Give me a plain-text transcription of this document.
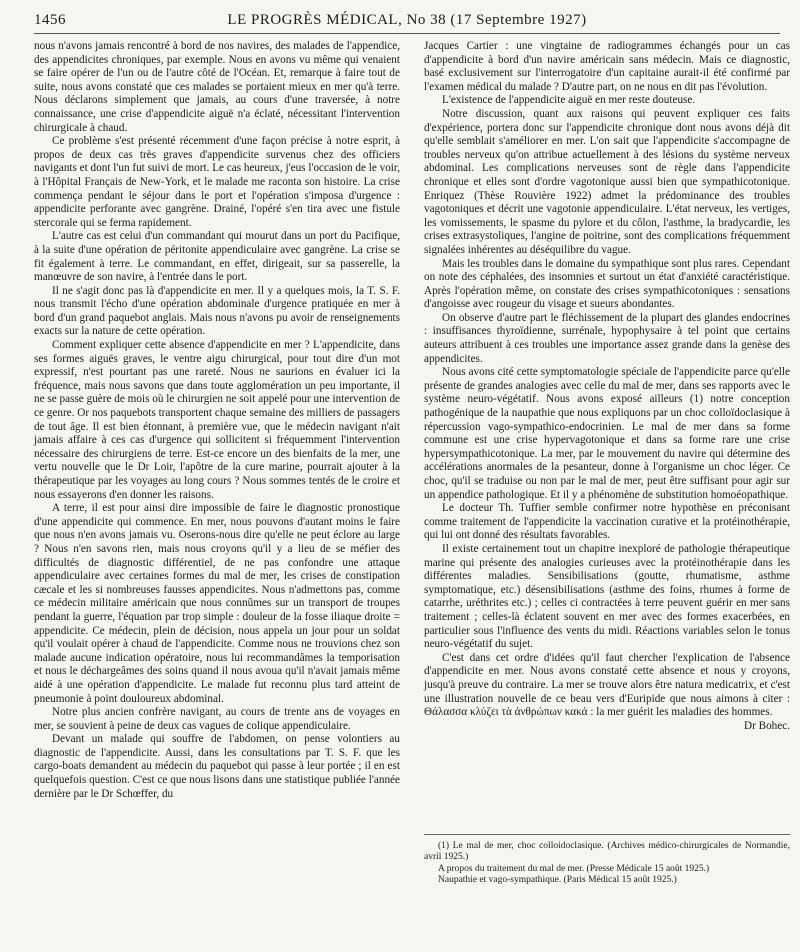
1456	LE PROGRÈS MÉDICAL, No 38 (17 Septembre 1927)

nous n'avons jamais rencontré à bord de nos navires, des malades de l'appendice, des appendicites chroniques, par exemple. Nous en avons vu même qui venaient se faire opérer de l'un ou de l'autre côté de l'Océan. Et, remarque à faire tout de suite, nous avons constaté que ces malades se portaient mieux en mer qu'à terre. Nous déclarons simplement que jamais, au cours d'une traversée, à notre connaissance, une crise d'appendicite aiguë n'a éclaté, nécessitant l'intervention chirurgicale à chaud.

Ce problème s'est présenté récemment d'une façon précise à notre esprit, à propos de deux cas très graves d'appendicite survenus chez des officiers navigants et dont l'un fut suivi de mort. Le cas heureux, j'eus l'occasion de le voir, à l'Hôpital Français de New-York, et le malade me raconta son histoire. La crise commença pendant le séjour dans le port et l'opération s'imposa d'urgence : appendicite perforante avec gangrène. Drainé, l'opéré s'en tira avec une fistule stercorale qui se ferma rapidement.

L'autre cas est celui d'un commandant qui mourut dans un port du Pacifique, à la suite d'une opération de péritonite appendiculaire avec gangrène. La crise se fit également à terre. Le commandant, en effet, dirigeait, sur sa passerelle, la manœuvre de son navire, à l'entrée dans le port.

Il ne s'agit donc pas là d'appendicite en mer. Il y a quelques mois, la T. S. F. nous transmit l'écho d'une opération abdominale d'urgence pratiquée en mer à bord d'un grand paquebot anglais. Mais nous n'avons pu avoir de renseignements exacts sur la nature de cette opération.

Comment expliquer cette absence d'appendicite en mer ? L'appendicite, dans ses formes aiguës graves, le ventre aigu chirurgical, pour tout dire d'un mot expressif, n'est pourtant pas une rareté. Nous ne saurions en évaluer ici la fréquence, mais nous savons que dans toute agglomération un peu importante, il ne se passe guère de mois où le chirurgien ne soit appelé pour une intervention de ce genre. Or nos paquebots transportent chaque semaine des milliers de passagers de tout âge. Il est bien étonnant, à première vue, que le médecin navigant n'ait jamais affaire à ces cas d'urgence qui sollicitent si fréquemment l'intervention nécessaire des chirurgiens de terre. Est-ce encore un des bienfaits de la mer, une vertu nouvelle que le Dr Loir, l'apôtre de la cure marine, pourrait ajouter à la thérapeutique par les voyages au long cours ? Nous sommes tentés de le croire et nous essayerons d'en donner les raisons.

A terre, il est pour ainsi dire impossible de faire le diagnostic pronostique d'une appendicite qui commence. En mer, nous pouvons d'autant moins le faire que nous n'en avons jamais vu. Oserons-nous dire qu'elle ne peut éclore au large ? Nous n'en savons rien, mais nous croyons qu'il y a lieu de se méfier des difficultés de diagnostic différentiel, de ne pas confondre une attaque appendiculaire avec certaines formes du mal de mer, les crises de constipation cæcale et les si nombreuses fausses appendicites. Nous n'admettons pas, comme ce médecin militaire américain que nous connûmes sur un transport de troupes pendant la guerre, l'équation par trop simple : douleur de la fosse iliaque droite = appendicite. Ce médecin, plein de décision, nous appela un jour pour un soldat qu'il voulait opérer à chaud de l'appendicite. Comme nous ne trouvions chez son malade aucune indication opératoire, nous lui recommandâmes la temporisation et nous le déchargeâmes des soins quand il nous avoua qu'il n'avait jamais même aidé à une opération d'appendicite. Le malade fut reconnu plus tard atteint de pneumonie à point douloureux abdominal.

Notre plus ancien confrère navigant, au cours de trente ans de voyages en mer, se souvient à peine de deux cas vagues de colique appendiculaire.

Devant un malade qui souffre de l'abdomen, on pense volontiers au diagnostic de l'appendicite. Aussi, dans les consultations par T. S. F. que les cargo-boats demandent au médecin du paquebot qui passe à leur portée ; il en est quelquefois question. C'est ce que nous lisons dans une statistique publiée l'année dernière par le Dr Schœffer, du

Jacques Cartier : une vingtaine de radiogrammes échangés pour un cas d'appendicite à bord d'un navire américain sans médecin. Mais ce diagnostic, basé exclusivement sur l'interrogatoire d'un capitaine aurait-il été confirmé par l'examen médical du malade ? D'autre part, on ne nous en dit pas l'évolution.

L'existence de l'appendicite aiguë en mer reste douteuse.

Notre discussion, quant aux raisons qui peuvent expliquer ces faits d'expérience, portera donc sur l'appendicite chronique dont nous avons déjà dit qu'elle semblait s'améliorer en mer. L'on sait que l'appendicite s'accompagne de troubles nerveux qu'on attribue actuellement à des lésions du système nerveux abdominal. Les complications nerveuses sont de règle dans l'appendicite chronique et elles sont d'ordre vagotonique aussi bien que sympathicotonique. Enriquez (Thèse Rouvière 1922) admet la prédominance des troubles vagotoniques et décrit une vagotonie appendiculaire. L'état nerveux, les vertiges, les vomissements, le spasme du pylore et du côlon, l'asthme, la bradycardie, les crises extrasystoliques, l'angine de poitrine, sont des complications fréquemment signalées inhérentes au déséquilibre du vague.

Mais les troubles dans le domaine du sympathique sont plus rares. Cependant on note des céphalées, des insomnies et surtout un état d'anxiété caractéristique. Après l'opération même, on constate des crises sympathicotoniques : sensations d'angoisse avec rougeur du visage et sueurs abondantes.

On observe d'autre part le fléchissement de la plupart des glandes endocrines : insuffisances thyroïdienne, surrénale, hypophysaire à tel point que certains auteurs attribuent à ces troubles une importance assez grande dans la genèse des appendicites.

Nous avons cité cette symptomatologie spéciale de l'appendicite parce qu'elle présente de grandes analogies avec celle du mal de mer, dans ses rapports avec le système neuro-végétatif. Nous avons exposé ailleurs (1) notre conception pathogénique de la naupathie que nous expliquons par un choc colloïdoclasique à répercussion vago-sympathico-endocrinien. Le mal de mer dans sa forme commune est une crise hypervagotonique et dans sa forme rare une crise hypersympathicotonique. La mer, par le mouvement du navire qui détermine des accélérations anormales de la pesanteur, donne à l'organisme un choc léger. Ce choc, qu'il se traduise ou non par le mal de mer, peut être suffisant pour agir sur un appendice pathologique. Et il y a phénomène de substitution homoéopathique.

Le docteur Th. Tuffier semble confirmer notre hypothèse en préconisant comme traitement de l'appendicite la vaccination curative et la protéinothérapie, qui lui ont donné des résultats favorables.

Il existe certainement tout un chapitre inexploré de pathologie thérapeutique marine qui présente des analogies curieuses avec la protéinothérapie dans les différentes maladies. Sensibilisations (goutte, rhumatisme, asthme symptomatique, etc.) désensibilisations (asthme des foins, rhumes à forme de catarrhe, uréthrites etc.) ; celles ci contractées à terre peuvent guérir en mer sans traitement ; celles-là éclatent souvent en mer avec des formes exacerbées, en particulier sous l'influence des vents du midi. Réactions variables selon le tonus neuro-végétatif du sujet.

C'est dans cet ordre d'idées qu'il faut chercher l'explication de l'absence d'appendicite en mer. Nous avons constaté cette absence et nous y croyons, jusqu'à preuve du contraire. La mer se trouve alors être natura medicatrix, et c'est une illustration nouvelle de ce beau vers d'Euripide que nous aimons à citer : Θάλασσα κλύζει τὰ ἀνθρώπων κακά : la mer guérit les maladies des hommes.

Dr Bohec.

(1) Le mal de mer, choc colloidoclasique. (Archives médico-chirurgicales de Normandie, avril 1925.)

A propos du traitement du mal de mer. (Presse Médicale 15 août 1925.)

Naupathie et vago-sympathique. (Paris Médical 15 août 1925.)
